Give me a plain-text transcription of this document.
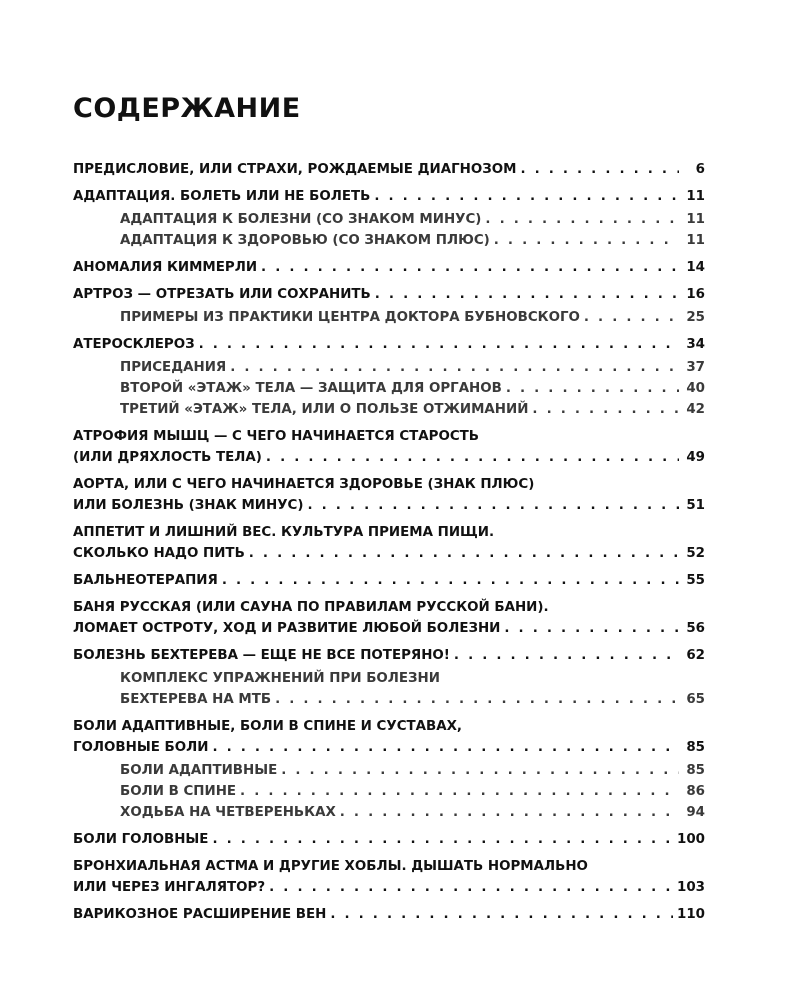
СОДЕРЖАНИЕ
ПРЕДИСЛОВИЕ, ИЛИ СТРАХИ, РОЖДАЕМЫЕ ДИАГНОЗОМ . . .	6
АДАПТАЦИЯ. БОЛЕТЬ ИЛИ НЕ БОЛЕТЬ . . .	11
АДАПТАЦИЯ К БОЛЕЗНИ (СО ЗНАКОМ МИНУС) . . .	11
АДАПТАЦИЯ К ЗДОРОВЬЮ (СО ЗНАКОМ ПЛЮС) . . .	11
АНОМАЛИЯ КИММЕРЛИ . . .	14
АРТРОЗ — ОТРЕЗАТЬ ИЛИ СОХРАНИТЬ . . .	16
ПРИМЕРЫ ИЗ ПРАКТИКИ ЦЕНТРА ДОКТОРА БУБНОВСКОГО . . .	25
АТЕРОСКЛЕРОЗ . . .	34
ПРИСЕДАНИЯ . . .	37
ВТОРОЙ «ЭТАЖ» ТЕЛА — ЗАЩИТА ДЛЯ ОРГАНОВ . . .	40
ТРЕТИЙ «ЭТАЖ» ТЕЛА, ИЛИ О ПОЛЬЗЕ ОТЖИМАНИЙ . . .	42
АТРОФИЯ МЫШЦ — С ЧЕГО НАЧИНАЕТСЯ СТАРОСТЬ
(ИЛИ ДРЯХЛОСТЬ ТЕЛА) . . .	49
АОРТА, ИЛИ С ЧЕГО НАЧИНАЕТСЯ ЗДОРОВЬЕ (ЗНАК ПЛЮС)
ИЛИ БОЛЕЗНЬ (ЗНАК МИНУС) . . .	51
АППЕТИТ И ЛИШНИЙ ВЕС. КУЛЬТУРА ПРИЕМА ПИЩИ.
СКОЛЬКО НАДО ПИТЬ . . .	52
БАЛЬНЕОТЕРАПИЯ . . .	55
БАНЯ РУССКАЯ (ИЛИ САУНА ПО ПРАВИЛАМ РУССКОЙ БАНИ).
ЛОМАЕТ ОСТРОТУ, ХОД И РАЗВИТИЕ ЛЮБОЙ БОЛЕЗНИ . . .	56
БОЛЕЗНЬ БЕХТЕРЕВА — ЕЩЕ НЕ ВСЕ ПОТЕРЯНО! . . .	62
КОМПЛЕКС УПРАЖНЕНИЙ ПРИ БОЛЕЗНИ
БЕХТЕРЕВА НА МТБ . . .	65
БОЛИ АДАПТИВНЫЕ, БОЛИ В СПИНЕ И СУСТАВАХ,
ГОЛОВНЫЕ БОЛИ . . .	85
БОЛИ АДАПТИВНЫЕ . . .	85
БОЛИ В СПИНЕ . . .	86
ХОДЬБА НА ЧЕТВЕРЕНЬКАХ . . .	94
БОЛИ ГОЛОВНЫЕ . . .	100
БРОНХИАЛЬНАЯ АСТМА И ДРУГИЕ ХОБЛЫ. ДЫШАТЬ НОРМАЛЬНО
ИЛИ ЧЕРЕЗ ИНГАЛЯТОР? . . .	103
ВАРИКОЗНОЕ РАСШИРЕНИЕ ВЕН . . .	110
